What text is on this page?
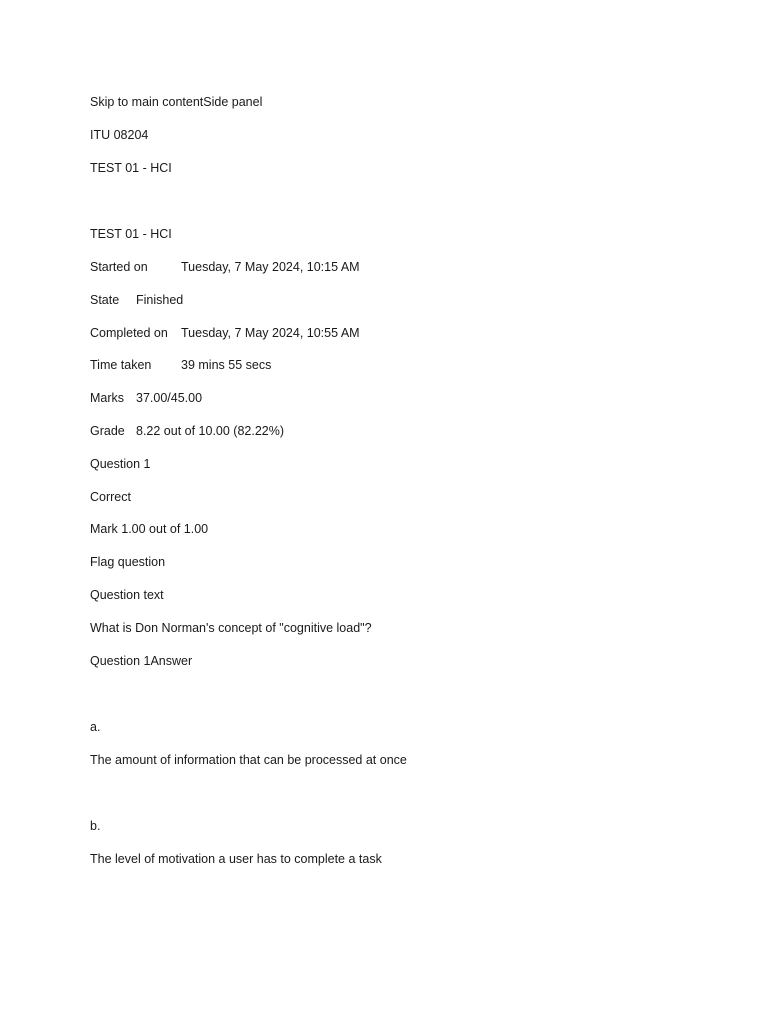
Skip to main contentSide panel
ITU 08204
TEST 01 - HCI
TEST 01 - HCI
Started on	Tuesday, 7 May 2024, 10:15 AM
State Finished
Completed on Tuesday, 7 May 2024, 10:55 AM
Time taken 39 mins 55 secs
Marks 37.00/45.00
Grade 8.22 out of 10.00 (82.22%)
Question 1
Correct
Mark 1.00 out of 1.00
Flag question
Question text
What is Don Norman's concept of "cognitive load"?
Question 1Answer
a.
The amount of information that can be processed at once
b.
The level of motivation a user has to complete a task
